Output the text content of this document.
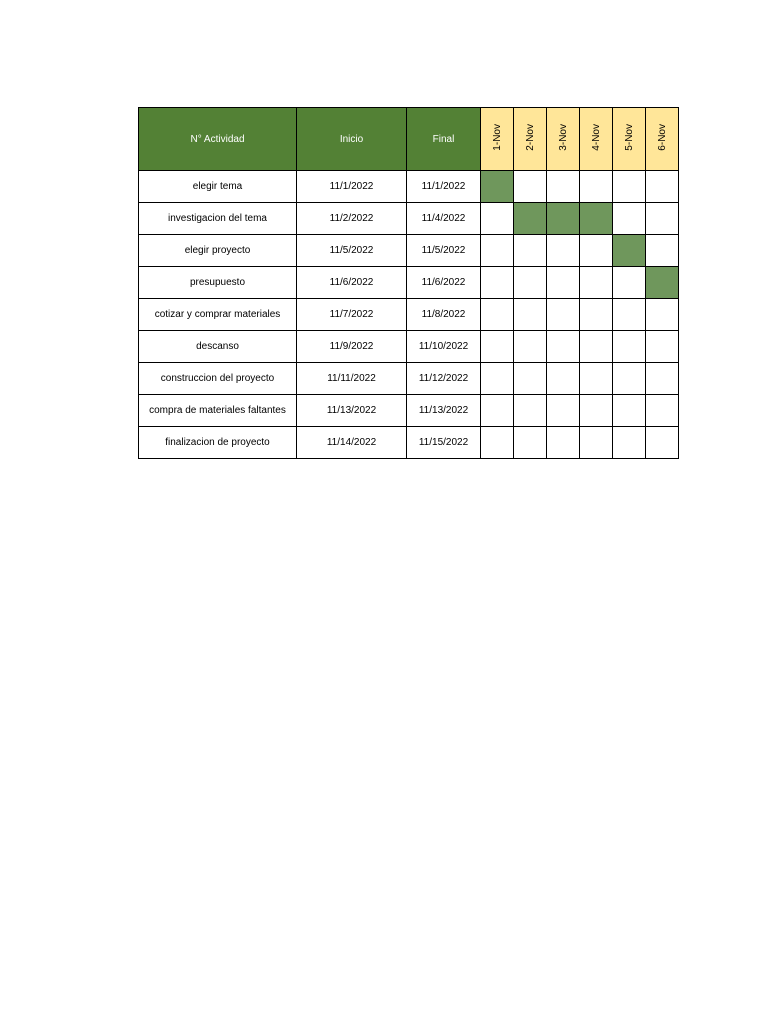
N° Actividad	Inicio	Final	1-Nov	2-Nov	3-Nov	4-Nov	5-Nov	6-Nov
elegir tema	11/1/2022	11/1/2022						
investigacion del tema	11/2/2022	11/4/2022						
elegir proyecto	11/5/2022	11/5/2022						
presupuesto	11/6/2022	11/6/2022						
cotizar y comprar materiales	11/7/2022	11/8/2022						
descanso	11/9/2022	11/10/2022						
construccion del proyecto	11/11/2022	11/12/2022						
compra de materiales faltantes	11/13/2022	11/13/2022						
finalizacion de proyecto	11/14/2022	11/15/2022						
